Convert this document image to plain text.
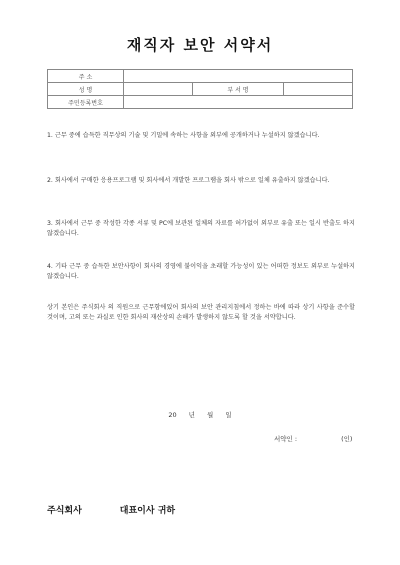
재직자 보안 서약서
주 소			
성 명		부 서 명	
주민등록번호			
1. 근무 중에 습득한 직무상의 기술 및 기밀에 속하는 사항을 외부에 공개하거나 누설하지 않겠습니다.
2. 회사에서 구매한 응용프로그램 및 회사에서 개발한 프로그램을 회사 밖으로 일체 유출하지 않겠습니다.
3. 회사에서 근무 중 작성한 각종 서류 및 PC에 보관된 일체의 자료를 허가없이 외부로 유출 또는 일시 반출도 하지 않겠습니다.
4. 기타 근무 중 습득한 보안사항이 회사의 경영에 불이익을 초래할 가능성이 있는 어떠한 정보도 외부로 누설하지 않겠습니다.
상기 본인은 주식회사 의 직원으로 근무함에있어 회사의 보안 관리지침에서 정하는 바에 따라 상기 사항을 준수할 것이며, 고의 또는 과실로 인한 회사의 재산상의 손해가 발생하지 않도록 할 것을 서약합니다.
20 년 월 일
서약인 :	(인)
주식회사	대표이사 귀하
